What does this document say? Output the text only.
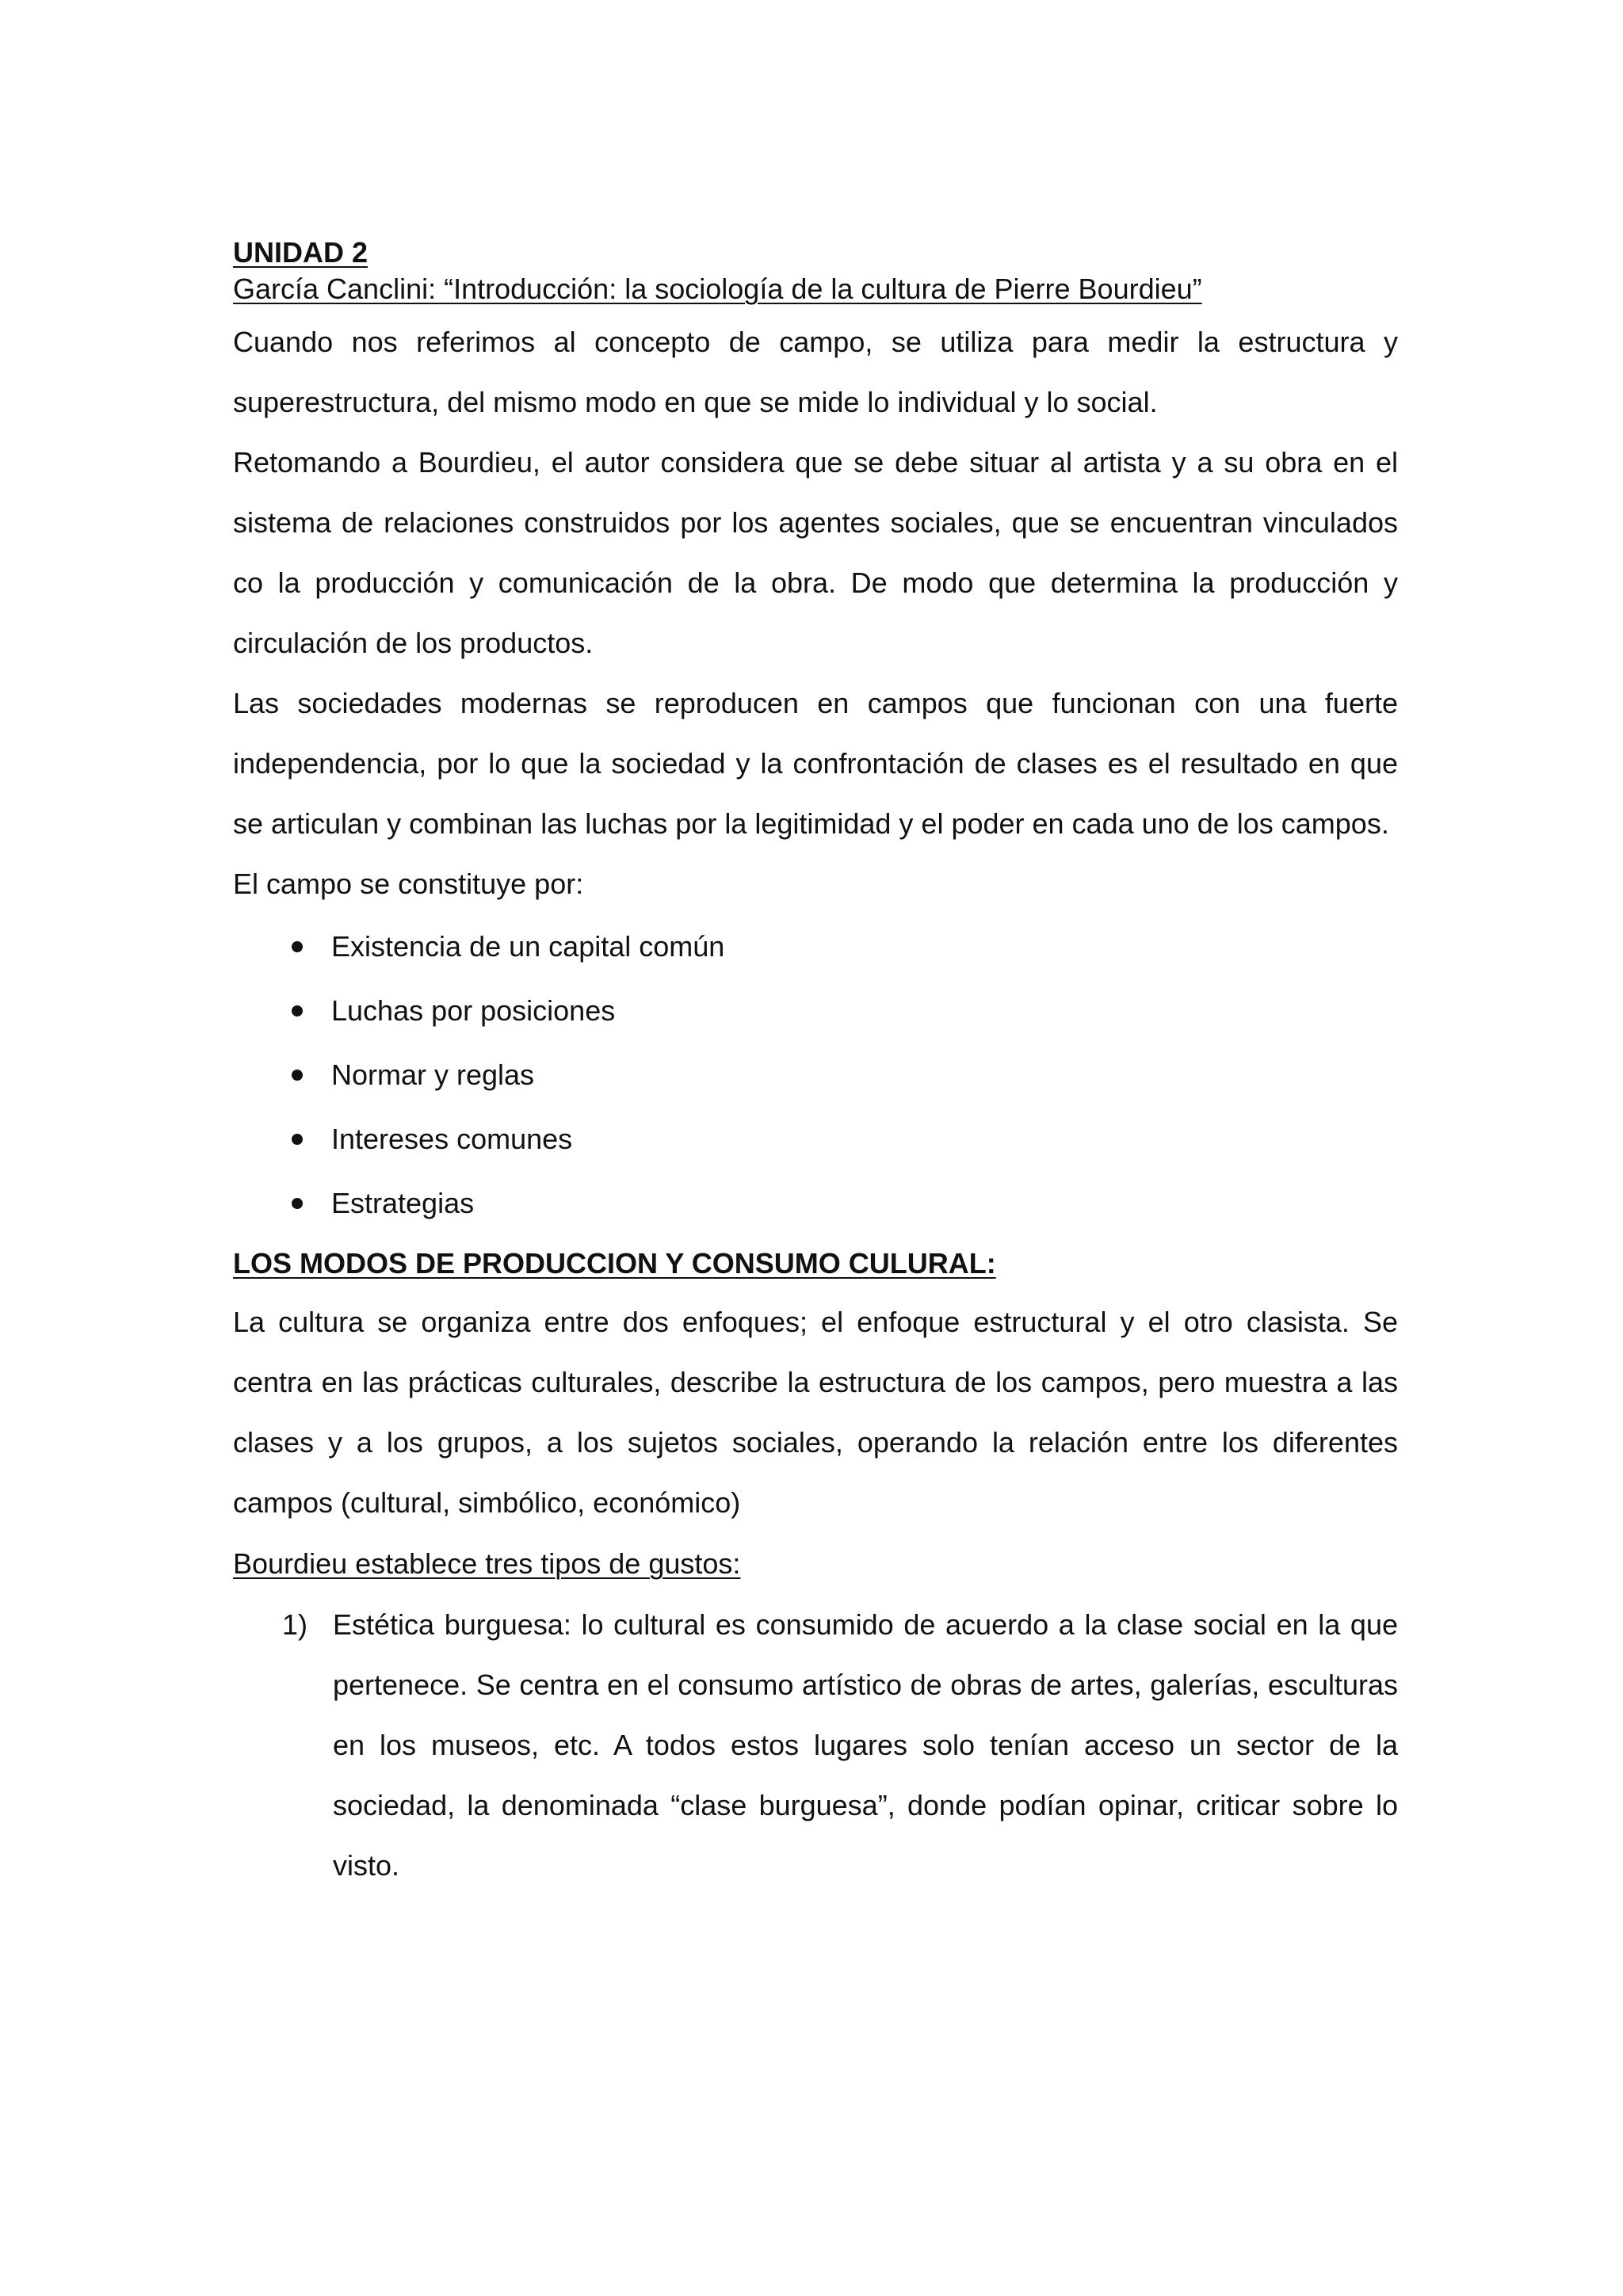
UNIDAD 2
García Canclini: “Introducción: la sociología de la cultura de Pierre Bourdieu”

Cuando nos referimos al concepto de campo, se utiliza para medir la estructura y superestructura, del mismo modo en que se mide lo individual y lo social.

Retomando a Bourdieu, el autor considera que se debe situar al artista y a su obra en el sistema de relaciones construidos por los agentes sociales, que se encuentran vinculados co la producción y comunicación de la obra. De modo que determina la producción y circulación de los productos.

Las sociedades modernas se reproducen en campos que funcionan con una fuerte independencia, por lo que la sociedad y la confrontación de clases es el resultado en que se articulan y combinan las luchas por la legitimidad y el poder en cada uno de los campos.

El campo se constituye por:

Existencia de un capital común
Luchas por posiciones
Normar y reglas
Intereses comunes
Estrategias
LOS MODOS DE PRODUCCION Y CONSUMO CULURAL:

La cultura se organiza entre dos enfoques; el enfoque estructural y el otro clasista. Se centra en las prácticas culturales, describe la estructura de los campos, pero muestra a las clases y a los grupos, a los sujetos sociales, operando la relación entre los diferentes campos (cultural, simbólico, económico)

Bourdieu establece tres tipos de gustos:
1) Estética burguesa: lo cultural es consumido de acuerdo a la clase social en la que pertenece. Se centra en el consumo artístico de obras de artes, galerías, esculturas en los museos, etc. A todos estos lugares solo tenían acceso un sector de la sociedad, la denominada “clase burguesa”, donde podían opinar, criticar sobre lo visto.
